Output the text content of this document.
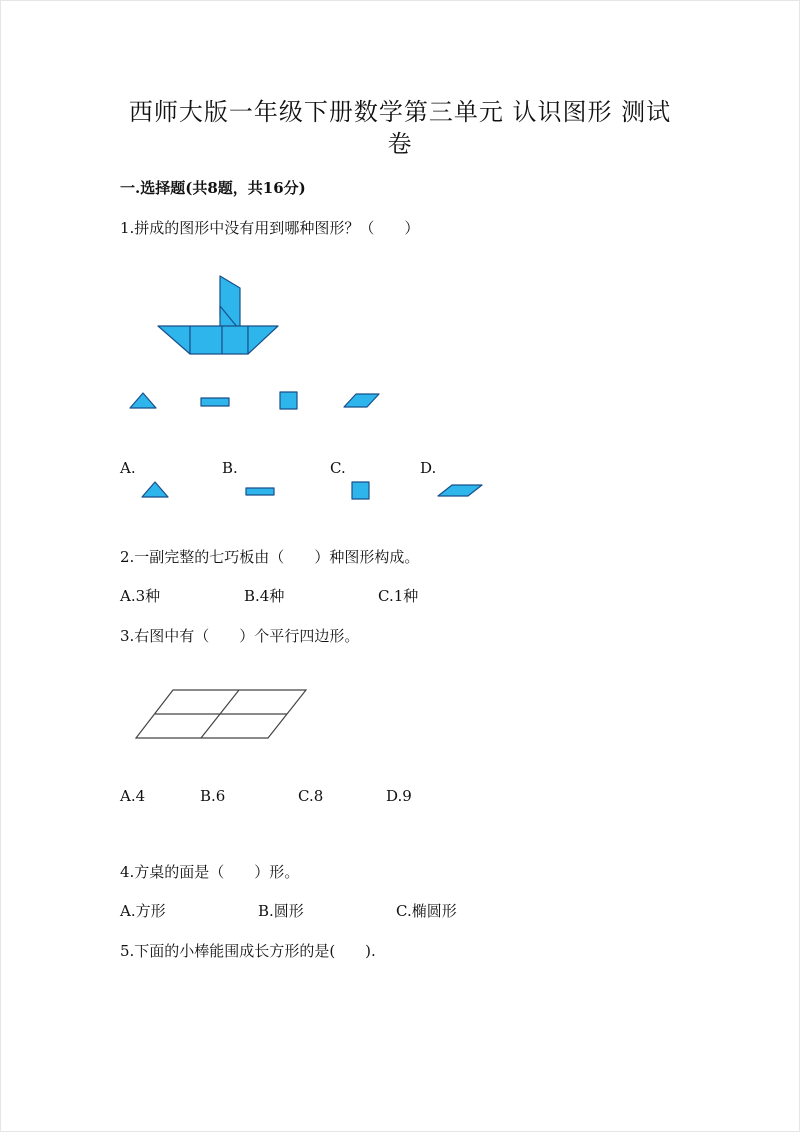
西师大版一年级下册数学第三单元 认识图形 测试卷
一.选择题(共8题，共16分)
1.拼成的图形中没有用到哪种图形？（　　）
A.	B.	C.	D.
2.一副完整的七巧板由（　　）种图形构成。
A.3种	B.4种	C.1种
3.右图中有（　　）个平行四边形。
A.4	B.6	C.8	D.9
4.方桌的面是（　　）形。
A.方形	B.圆形	C.椭圆形
5.下面的小棒能围成长方形的是(　　).
